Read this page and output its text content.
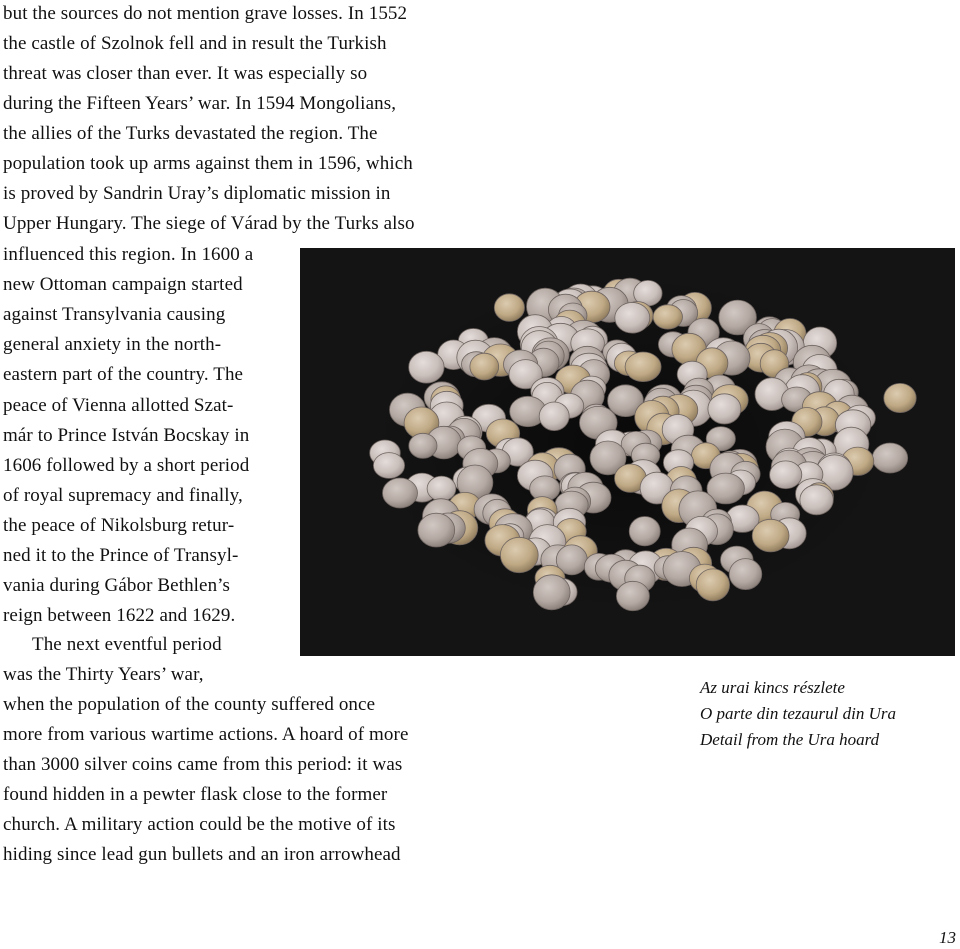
but the sources do not mention grave losses. In 1552

the castle of Szolnok fell and in result the Turkish

threat was closer than ever. It was especially so

during the Fifteen Years’ war. In 1594 Mongolians,

the allies of the Turks devastated the region. The

population took up arms against them in 1596, which

is proved by Sandrin Uray’s diplomatic mission in

Upper Hungary. The siege of Várad by the Turks also

influenced this region. In 1600 a

new Ottoman campaign started

against Transylvania causing

general anxiety in the north-

eastern part of the country. The

peace of Vienna allotted Szat-

már to Prince István Bocskay in

1606 followed by a short period

of royal supremacy and finally,

the peace of Nikolsburg retur-

ned it to the Prince of Transyl-

vania during Gábor Bethlen’s

reign between 1622 and 1629.

The next eventful period

was the Thirty Years’ war,

when the population of the county suffered once

more from various wartime actions. A hoard of more

than 3000 silver coins came from this period: it was

found hidden in a pewter flask close to the former

church. A military action could be the motive of its

hiding since lead gun bullets and an iron arrowhead

Az urai kincs részlete
O parte din tezaurul din Ura
Detail from the Ura hoard
13
